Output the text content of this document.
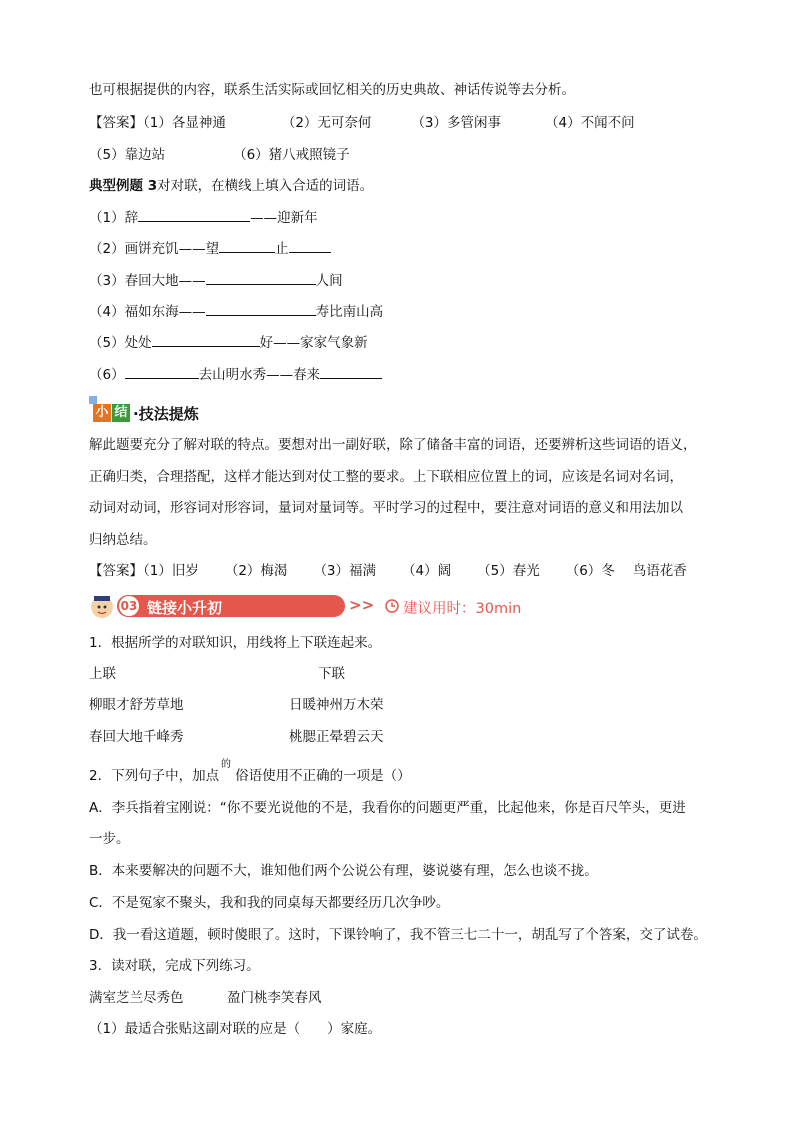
也可根据提供的内容，联系生活实际或回忆相关的历史典故、神话传说等去分析。
【答案】（1）各显神通	（2）无可奈何	（3）多管闲事	（4）不闻不问
（5）靠边站	（6）猪八戒照镜子
典型例题 3对对联，在横线上填入合适的词语。
（1）辞	——迎新年
（2）画饼充饥——望	止
（3）春回大地——	人间
（4）福如东海——	寿比南山高
（5）处处	好——家家气象新
（6）	去山明水秀——春来
小 结 ·技法提炼
解此题要充分了解对联的特点。要想对出一副好联，除了储备丰富的词语，还要辨析这些词语的语义，
正确归类，合理搭配，这样才能达到对仗工整的要求。上下联相应位置上的词，应该是名词对名词，
动词对动词，形容词对形容词，量词对量词等。平时学习的过程中，要注意对词语的意义和用法加以
归纳总结。
【答案】（1）旧岁 （2）梅渴 （3）福满 （4）阔 （5）春光 （6）冬 鸟语花香
03 链接小升初	>> 建议用时：30min
1．根据所学的对联知识，用线将上下联连起来。
上联	下联
柳眼才舒芳草地	日暖神州万木荣
春回大地千峰秀	桃腮正晕碧云天
2．下列句子中，加点 俗语使用不正确的一项是（）
的
A．李兵指着宝刚说：“你不要光说他的不是，我看你的问题更严重，比起他来，你是百尺竿头，更进
一步。
B．本来要解决的问题不大，谁知他们两个公说公有理，婆说婆有理，怎么也谈不拢。
C．不是冤家不聚头，我和我的同桌每天都要经历几次争吵。
D．我一看这道题，顿时傻眼了。这时，下课铃响了，我不管三七二十一，胡乱写了个答案，交了试卷。
3．读对联，完成下列练习。
满室芝兰尽秀色	盈门桃李笑春风
（1）最适合张贴这副对联的应是（　　）家庭。
